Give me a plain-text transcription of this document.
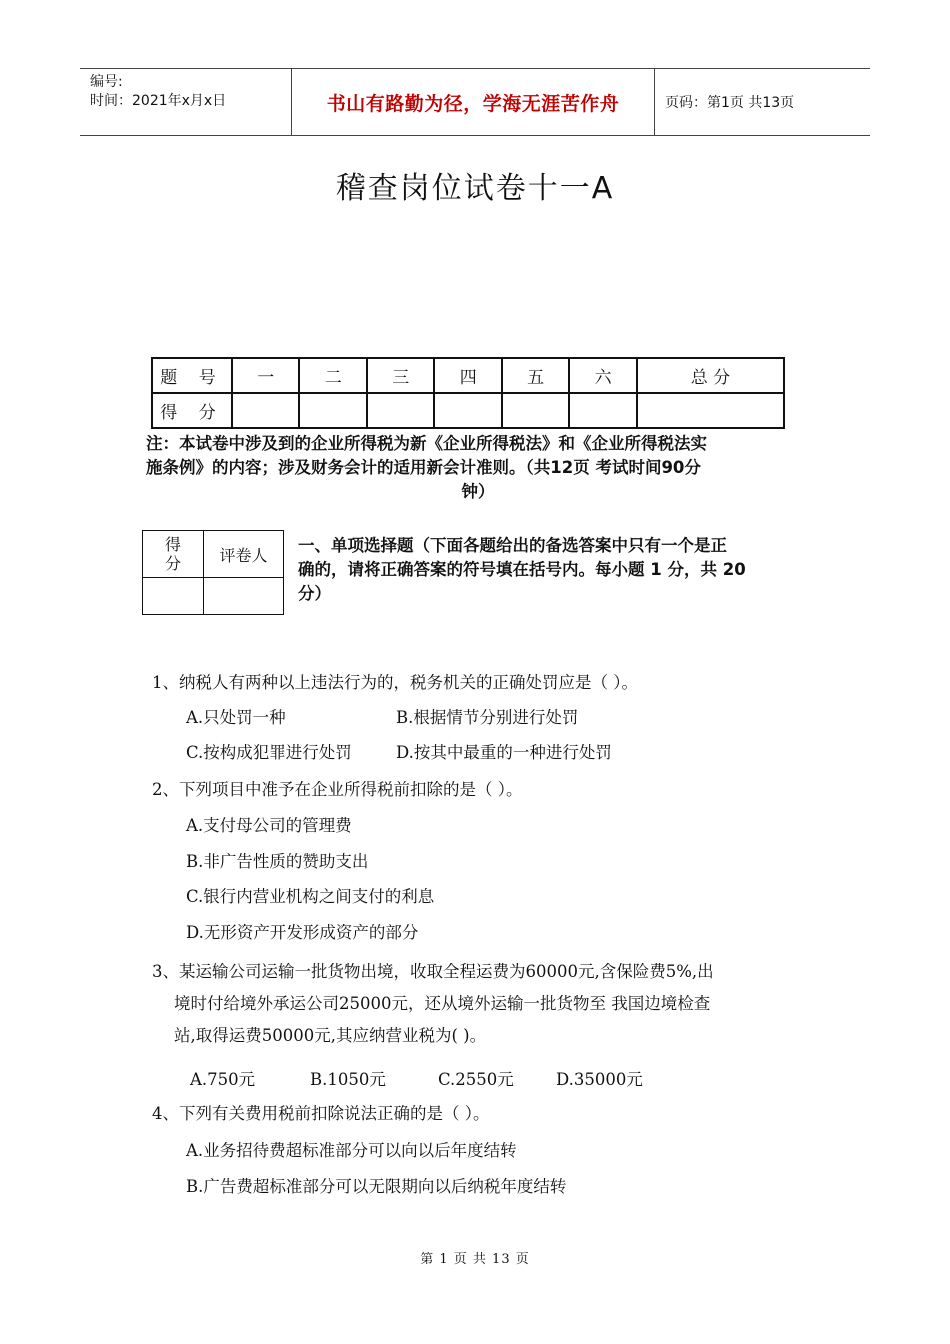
编号:
时间：2021年x月x日	书山有路勤为径，学海无涯苦作舟	页码：第1页 共13页
稽查岗位试卷十一A
题 号	一	二	三	四	五	六	总 分
得 分							
注：本试卷中涉及到的企业所得税为新《企业所得税法》和《企业所得税法实
施条例》的内容；涉及财务会计的适用新会计准则。（共12页 考试时间90分
钟）
得
分	评卷人
	一、单项选择题（下面各题给出的备选答案中只有一个是正
确的，请将正确答案的符号填在括号内。每小题 1 分，共 20
分）
1、纳税人有两种以上违法行为的，税务机关的正确处罚应是（ ）。
A.只处罚一种	B.根据情节分别进行处罚
C.按构成犯罪进行处罚	D.按其中最重的一种进行处罚
2、下列项目中准予在企业所得税前扣除的是（ ）。
A.支付母公司的管理费
B.非广告性质的赞助支出
C.银行内营业机构之间支付的利息
D.无形资产开发形成资产的部分
3、某运输公司运输一批货物出境，收取全程运费为60000元,含保险费5%,出
境时付给境外承运公司25000元，还从境外运输一批货物至 我国边境检查
站,取得运费50000元,其应纳营业税为( )。
A.750元	B.1050元	C.2550元	D.35000元
4、下列有关费用税前扣除说法正确的是（ ）。
A.业务招待费超标准部分可以向以后年度结转
B.广告费超标准部分可以无限期向以后纳税年度结转
第 1 页 共 13 页
